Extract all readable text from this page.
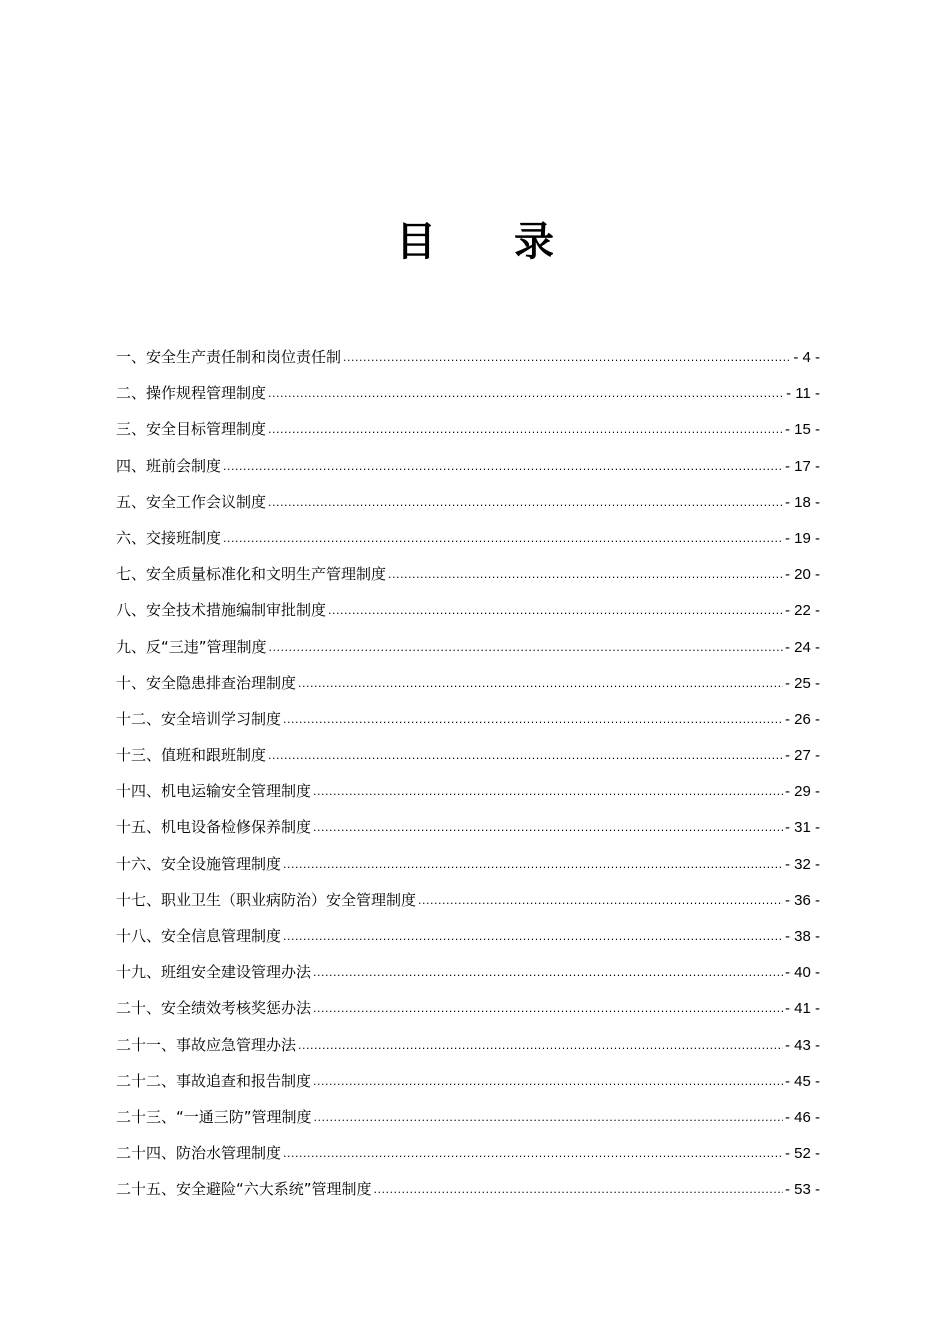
目 录
一、安全生产责任制和岗位责任制 .....	- 4 -
二、操作规程管理制度 .....	- 11 -
三、安全目标管理制度 .....	- 15 -
四、班前会制度 .....	- 17 -
五、安全工作会议制度 .....	- 18 -
六、交接班制度 .....	- 19 -
七、安全质量标准化和文明生产管理制度 .....	- 20 -
八、安全技术措施编制审批制度 .....	- 22 -
九、反“三违”管理制度 .....	- 24 -
十、安全隐患排查治理制度 .....	- 25 -
十二、安全培训学习制度 .....	- 26 -
十三、值班和跟班制度 .....	- 27 -
十四、机电运输安全管理制度 .....	- 29 -
十五、机电设备检修保养制度 .....	- 31 -
十六、安全设施管理制度 .....	- 32 -
十七、职业卫生（职业病防治）安全管理制度 .....	- 36 -
十八、安全信息管理制度 .....	- 38 -
十九、班组安全建设管理办法 .....	- 40 -
二十、安全绩效考核奖惩办法 .....	- 41 -
二十一、事故应急管理办法 .....	- 43 -
二十二、事故追查和报告制度 .....	- 45 -
二十三、“一通三防”管理制度 .....	- 46 -
二十四、防治水管理制度 .....	- 52 -
二十五、安全避险“六大系统”管理制度 .....	- 53 -
